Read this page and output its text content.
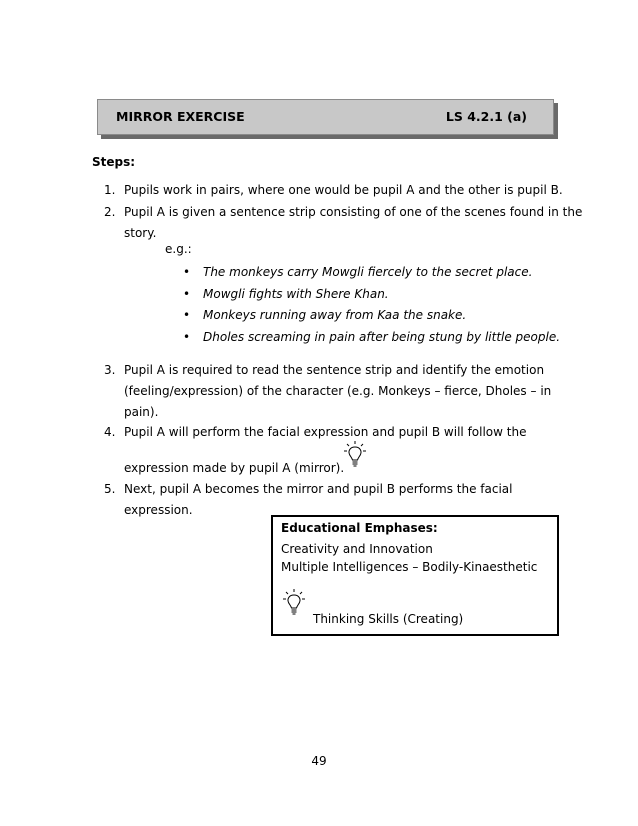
MIRROR EXERCISE	LS 4.2.1 (a)
Steps:
1. Pupils work in pairs, where one would be pupil A and the other is pupil B.
2. Pupil A is given a sentence strip consisting of one of the scenes found in the
story.
e.g.:
• The monkeys carry Mowgli fiercely to the secret place.
• Mowgli fights with Shere Khan.
• Monkeys running away from Kaa the snake.
• Dholes screaming in pain after being stung by little people.
3. Pupil A is required to read the sentence strip and identify the emotion
(feeling/expression) of the character (e.g. Monkeys – fierce, Dholes – in
pain).
4. Pupil A will perform the facial expression and pupil B will follow the
expression made by pupil A (mirror).
5. Next, pupil A becomes the mirror and pupil B performs the facial expression.
Educational Emphases:
Creativity and Innovation
Multiple Intelligences – Bodily-Kinaesthetic
Thinking Skills (Creating)
49
